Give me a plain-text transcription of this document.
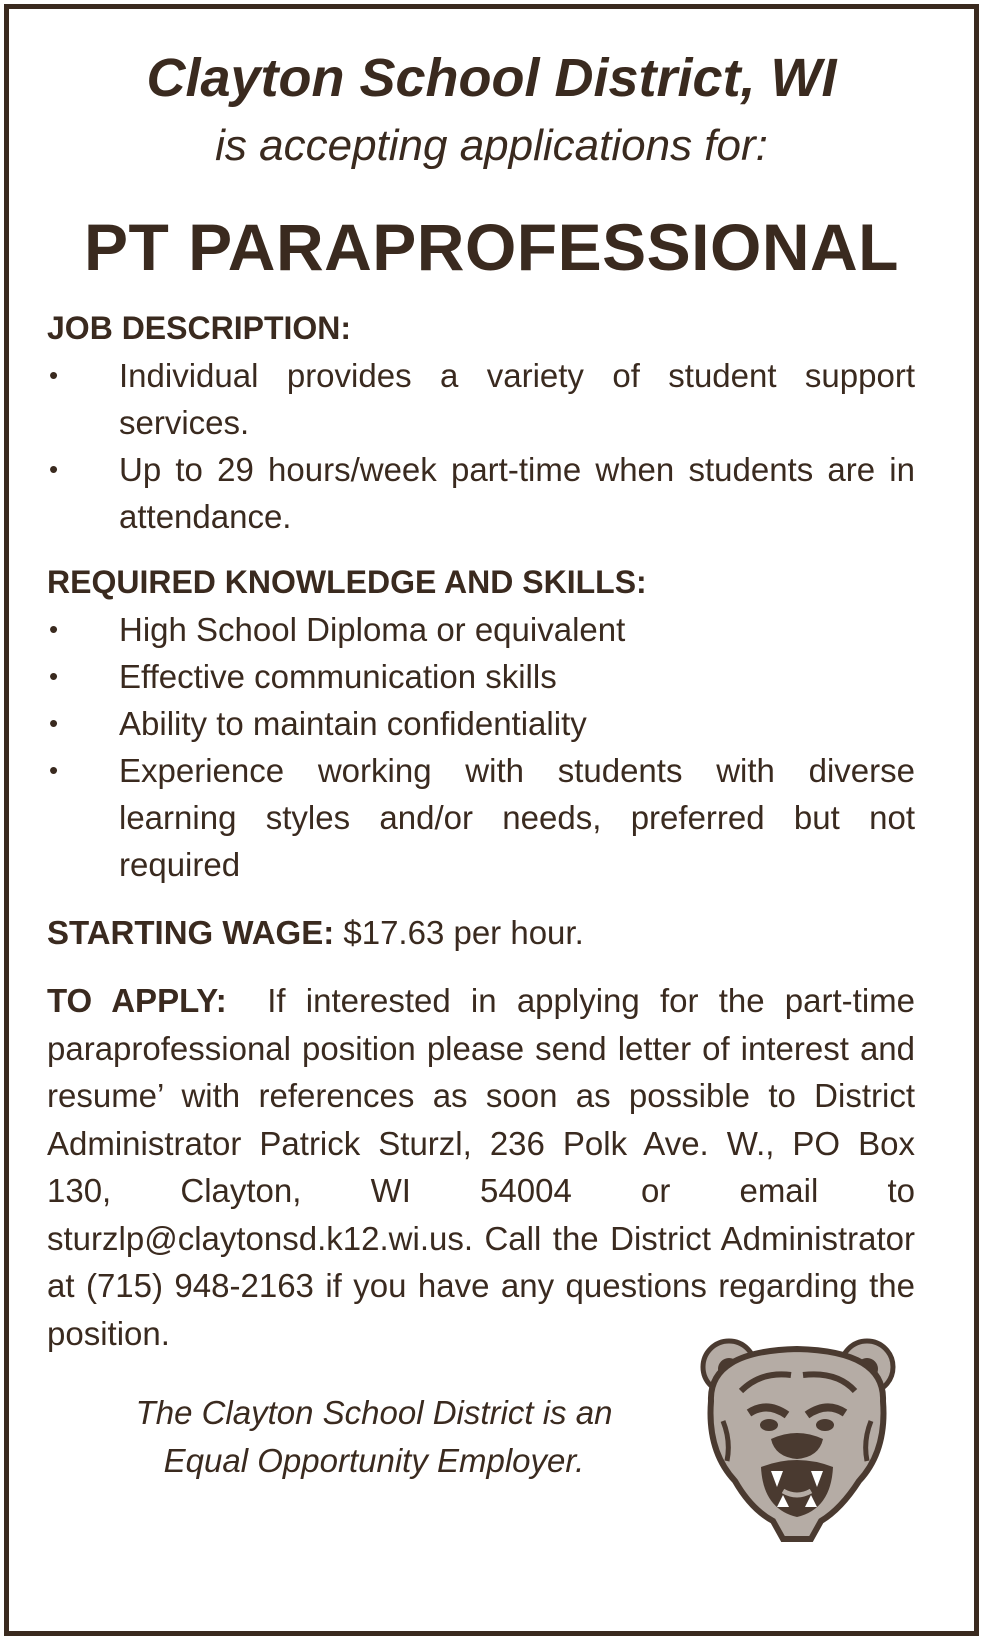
Clayton School District, WI
is accepting applications for:
PT PARAPROFESSIONAL

JOB DESCRIPTION:

• Individual provides a variety of student support services.
• Up to 29 hours/week part-time when students are in attendance.

REQUIRED KNOWLEDGE AND SKILLS:

• High School Diploma or equivalent
• Effective communication skills
• Ability to maintain confidentiality
• Experience working with students with diverse learning styles and/or needs, preferred but not required

STARTING WAGE: $17.63 per hour.

TO APPLY: If interested in applying for the part-time paraprofessional position please send letter of interest and resume’ with references as soon as possible to District Administrator Patrick Sturzl, 236 Polk Ave. W., PO Box 130, Clayton, WI 54004 or email to sturzlp@claytonsd.k12.wi.us. Call the District Administrator at (715) 948-2163 if you have any questions regarding the position.

The Clayton School District is an
Equal Opportunity Employer.
